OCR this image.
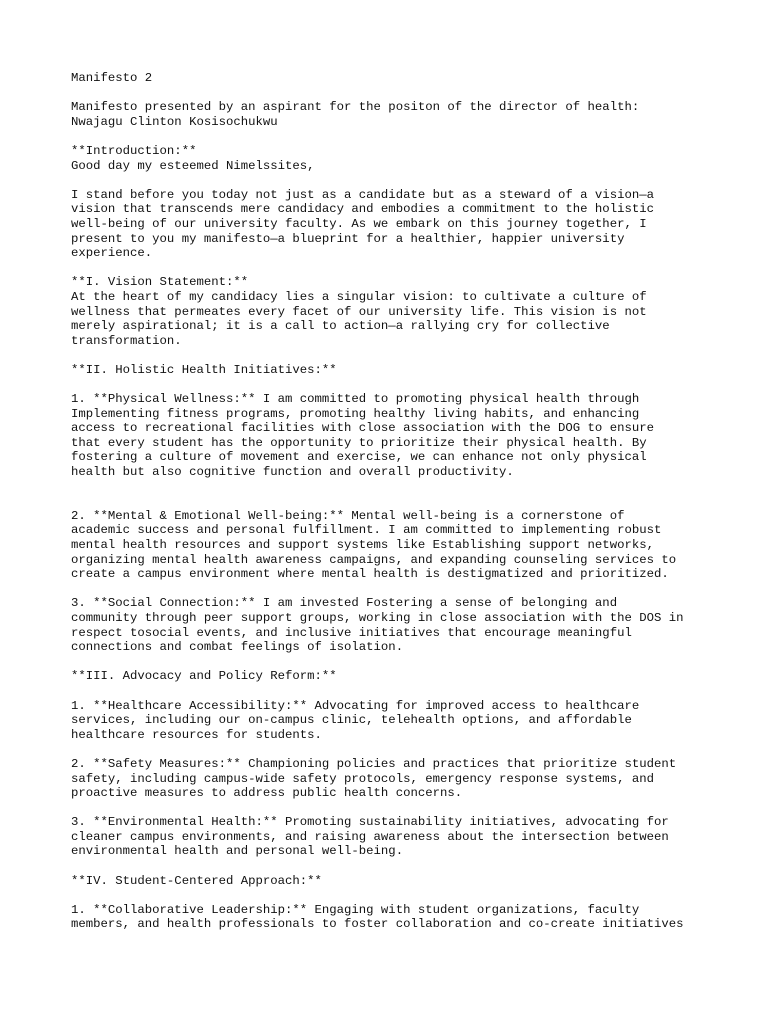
Manifesto 2
Manifesto presented by an aspirant for the positon of the director of health:
Nwajagu Clinton Kosisochukwu
**Introduction:**
Good day my esteemed Nimelssites,
I stand before you today not just as a candidate but as a steward of a vision—a
vision that transcends mere candidacy and embodies a commitment to the holistic
well-being of our university faculty. As we embark on this journey together, I
present to you my manifesto—a blueprint for a healthier, happier university
experience.
**I. Vision Statement:**
At the heart of my candidacy lies a singular vision: to cultivate a culture of
wellness that permeates every facet of our university life. This vision is not
merely aspirational; it is a call to action—a rallying cry for collective
transformation.
**II. Holistic Health Initiatives:**
1. **Physical Wellness:** I am committed to promoting physical health through
Implementing fitness programs, promoting healthy living habits, and enhancing
access to recreational facilities with close association with the DOG to ensure
that every student has the opportunity to prioritize their physical health. By
fostering a culture of movement and exercise, we can enhance not only physical
health but also cognitive function and overall productivity.
2. **Mental & Emotional Well-being:** Mental well-being is a cornerstone of
academic success and personal fulfillment. I am committed to implementing robust
mental health resources and support systems like Establishing support networks,
organizing mental health awareness campaigns, and expanding counseling services to
create a campus environment where mental health is destigmatized and prioritized.
3. **Social Connection:** I am invested Fostering a sense of belonging and
community through peer support groups, working in close association with the DOS in
respect tosocial events, and inclusive initiatives that encourage meaningful
connections and combat feelings of isolation.
**III. Advocacy and Policy Reform:**
1. **Healthcare Accessibility:** Advocating for improved access to healthcare
services, including our on-campus clinic, telehealth options, and affordable
healthcare resources for students.
2. **Safety Measures:** Championing policies and practices that prioritize student
safety, including campus-wide safety protocols, emergency response systems, and
proactive measures to address public health concerns.
3. **Environmental Health:** Promoting sustainability initiatives, advocating for
cleaner campus environments, and raising awareness about the intersection between
environmental health and personal well-being.
**IV. Student-Centered Approach:**
1. **Collaborative Leadership:** Engaging with student organizations, faculty
members, and health professionals to foster collaboration and co-create initiatives
